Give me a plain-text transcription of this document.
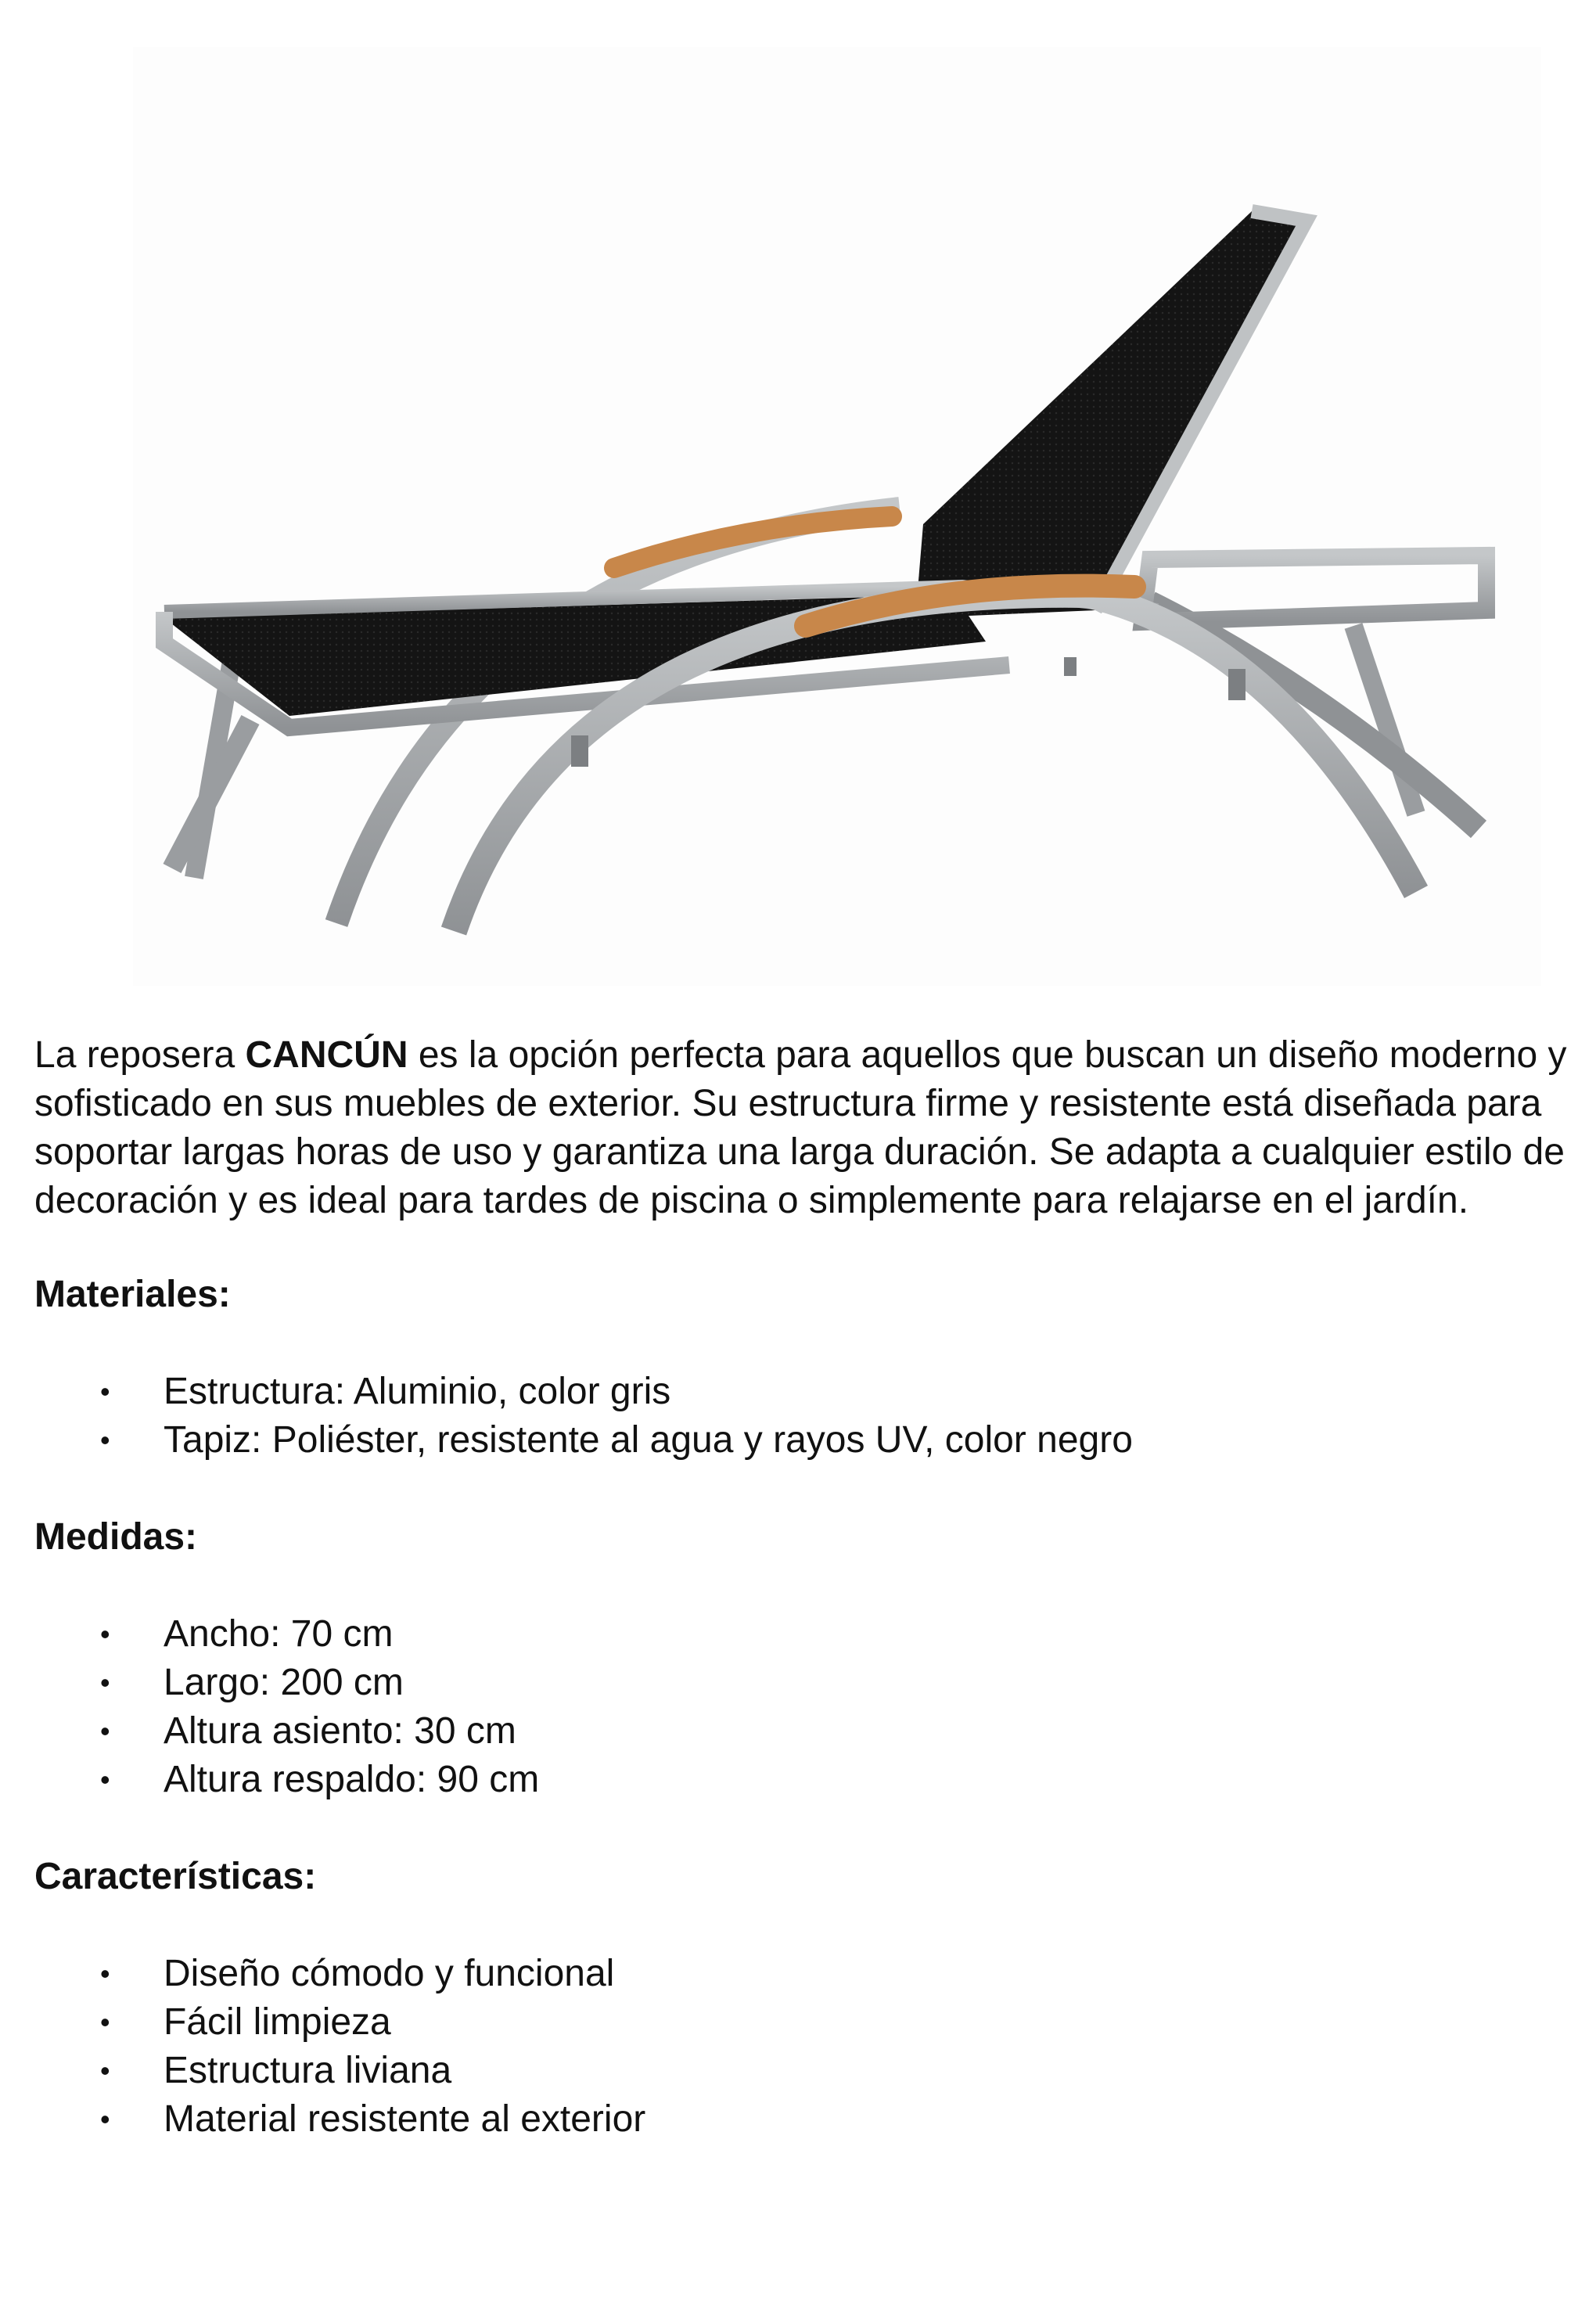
La reposera CANCÚN es la opción perfecta para aquellos que buscan un diseño moderno y sofisticado en sus muebles de exterior. Su estructura firme y resistente está diseñada para soportar largas horas de uso y garantiza una larga duración. Se adapta a cualquier estilo de decoración y es ideal para tardes de piscina o simplemente para relajarse en el jardín.

Materiales:
• Estructura: Aluminio, color gris
• Tapiz: Poliéster, resistente al agua y rayos UV, color negro
Medidas:
• Ancho: 70 cm
• Largo: 200 cm
• Altura asiento: 30 cm
• Altura respaldo: 90 cm
Características:
• Diseño cómodo y funcional
• Fácil limpieza
• Estructura liviana
• Material resistente al exterior
